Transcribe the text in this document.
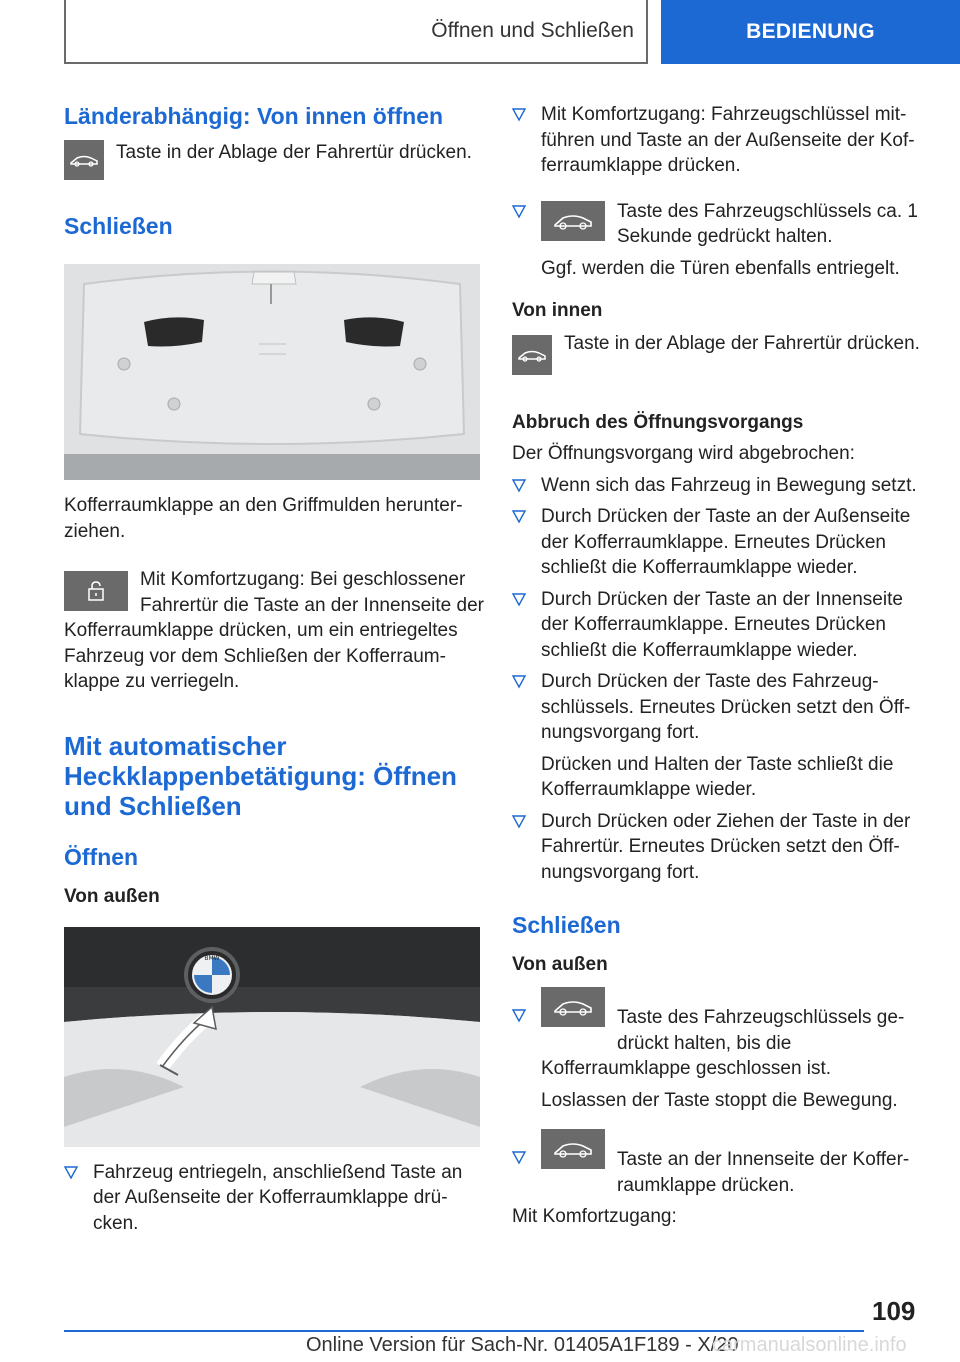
Öffnen und Schließen	BEDIENUNG
Länderabhängig: Von innen öffnen

Taste in der Ablage der Fahrertür drücken.

Schließen

Kofferraumklappe an den Griffmulden herunterziehen.

Mit Komfortzugang: Bei geschlossener Fahrertür die Taste an der Innenseite der Kofferraumklappe drücken, um ein entriegeltes Fahrzeug vor dem Schließen der Kofferraumklappe zu verriegeln.

Mit automatischer Heckklappenbetätigung: Öffnen und Schließen
Öffnen
Von außen
BMW
Fahrzeug entriegeln, anschließend Taste an der Außenseite der Kofferraumklappe drücken.
Mit Komfortzugang: Fahrzeugschlüssel mitführen und Taste an der Außenseite der Kofferraumklappe drücken.
Taste des Fahrzeugschlüssels ca. 1 Sekunde gedrückt halten.
Ggf. werden die Türen ebenfalls entriegelt.
Von innen

Taste in der Ablage der Fahrertür drücken.

Abbruch des Öffnungsvorgangs

Der Öffnungsvorgang wird abgebrochen:

Wenn sich das Fahrzeug in Bewegung setzt.
Durch Drücken der Taste an der Außenseite der Kofferraumklappe. Erneutes Drücken schließt die Kofferraumklappe wieder.
Durch Drücken der Taste an der Innenseite der Kofferraumklappe. Erneutes Drücken schließt die Kofferraumklappe wieder.
Durch Drücken der Taste des Fahrzeugschlüssels. Erneutes Drücken setzt den Öffnungsvorgang fort.
Drücken und Halten der Taste schließt die Kofferraumklappe wieder.
Durch Drücken oder Ziehen der Taste in der Fahrertür. Erneutes Drücken setzt den Öffnungsvorgang fort.
Schließen
Von außen
Taste des Fahrzeugschlüssels gedrückt halten, bis die Kofferraumklappe geschlossen ist.
Loslassen der Taste stoppt die Bewegung.
Taste an der Innenseite der Kofferraumklappe drücken.

Mit Komfortzugang:

109
Online Version für Sach-Nr. 01405A1F189 - X/20
carmanualsonline.info
